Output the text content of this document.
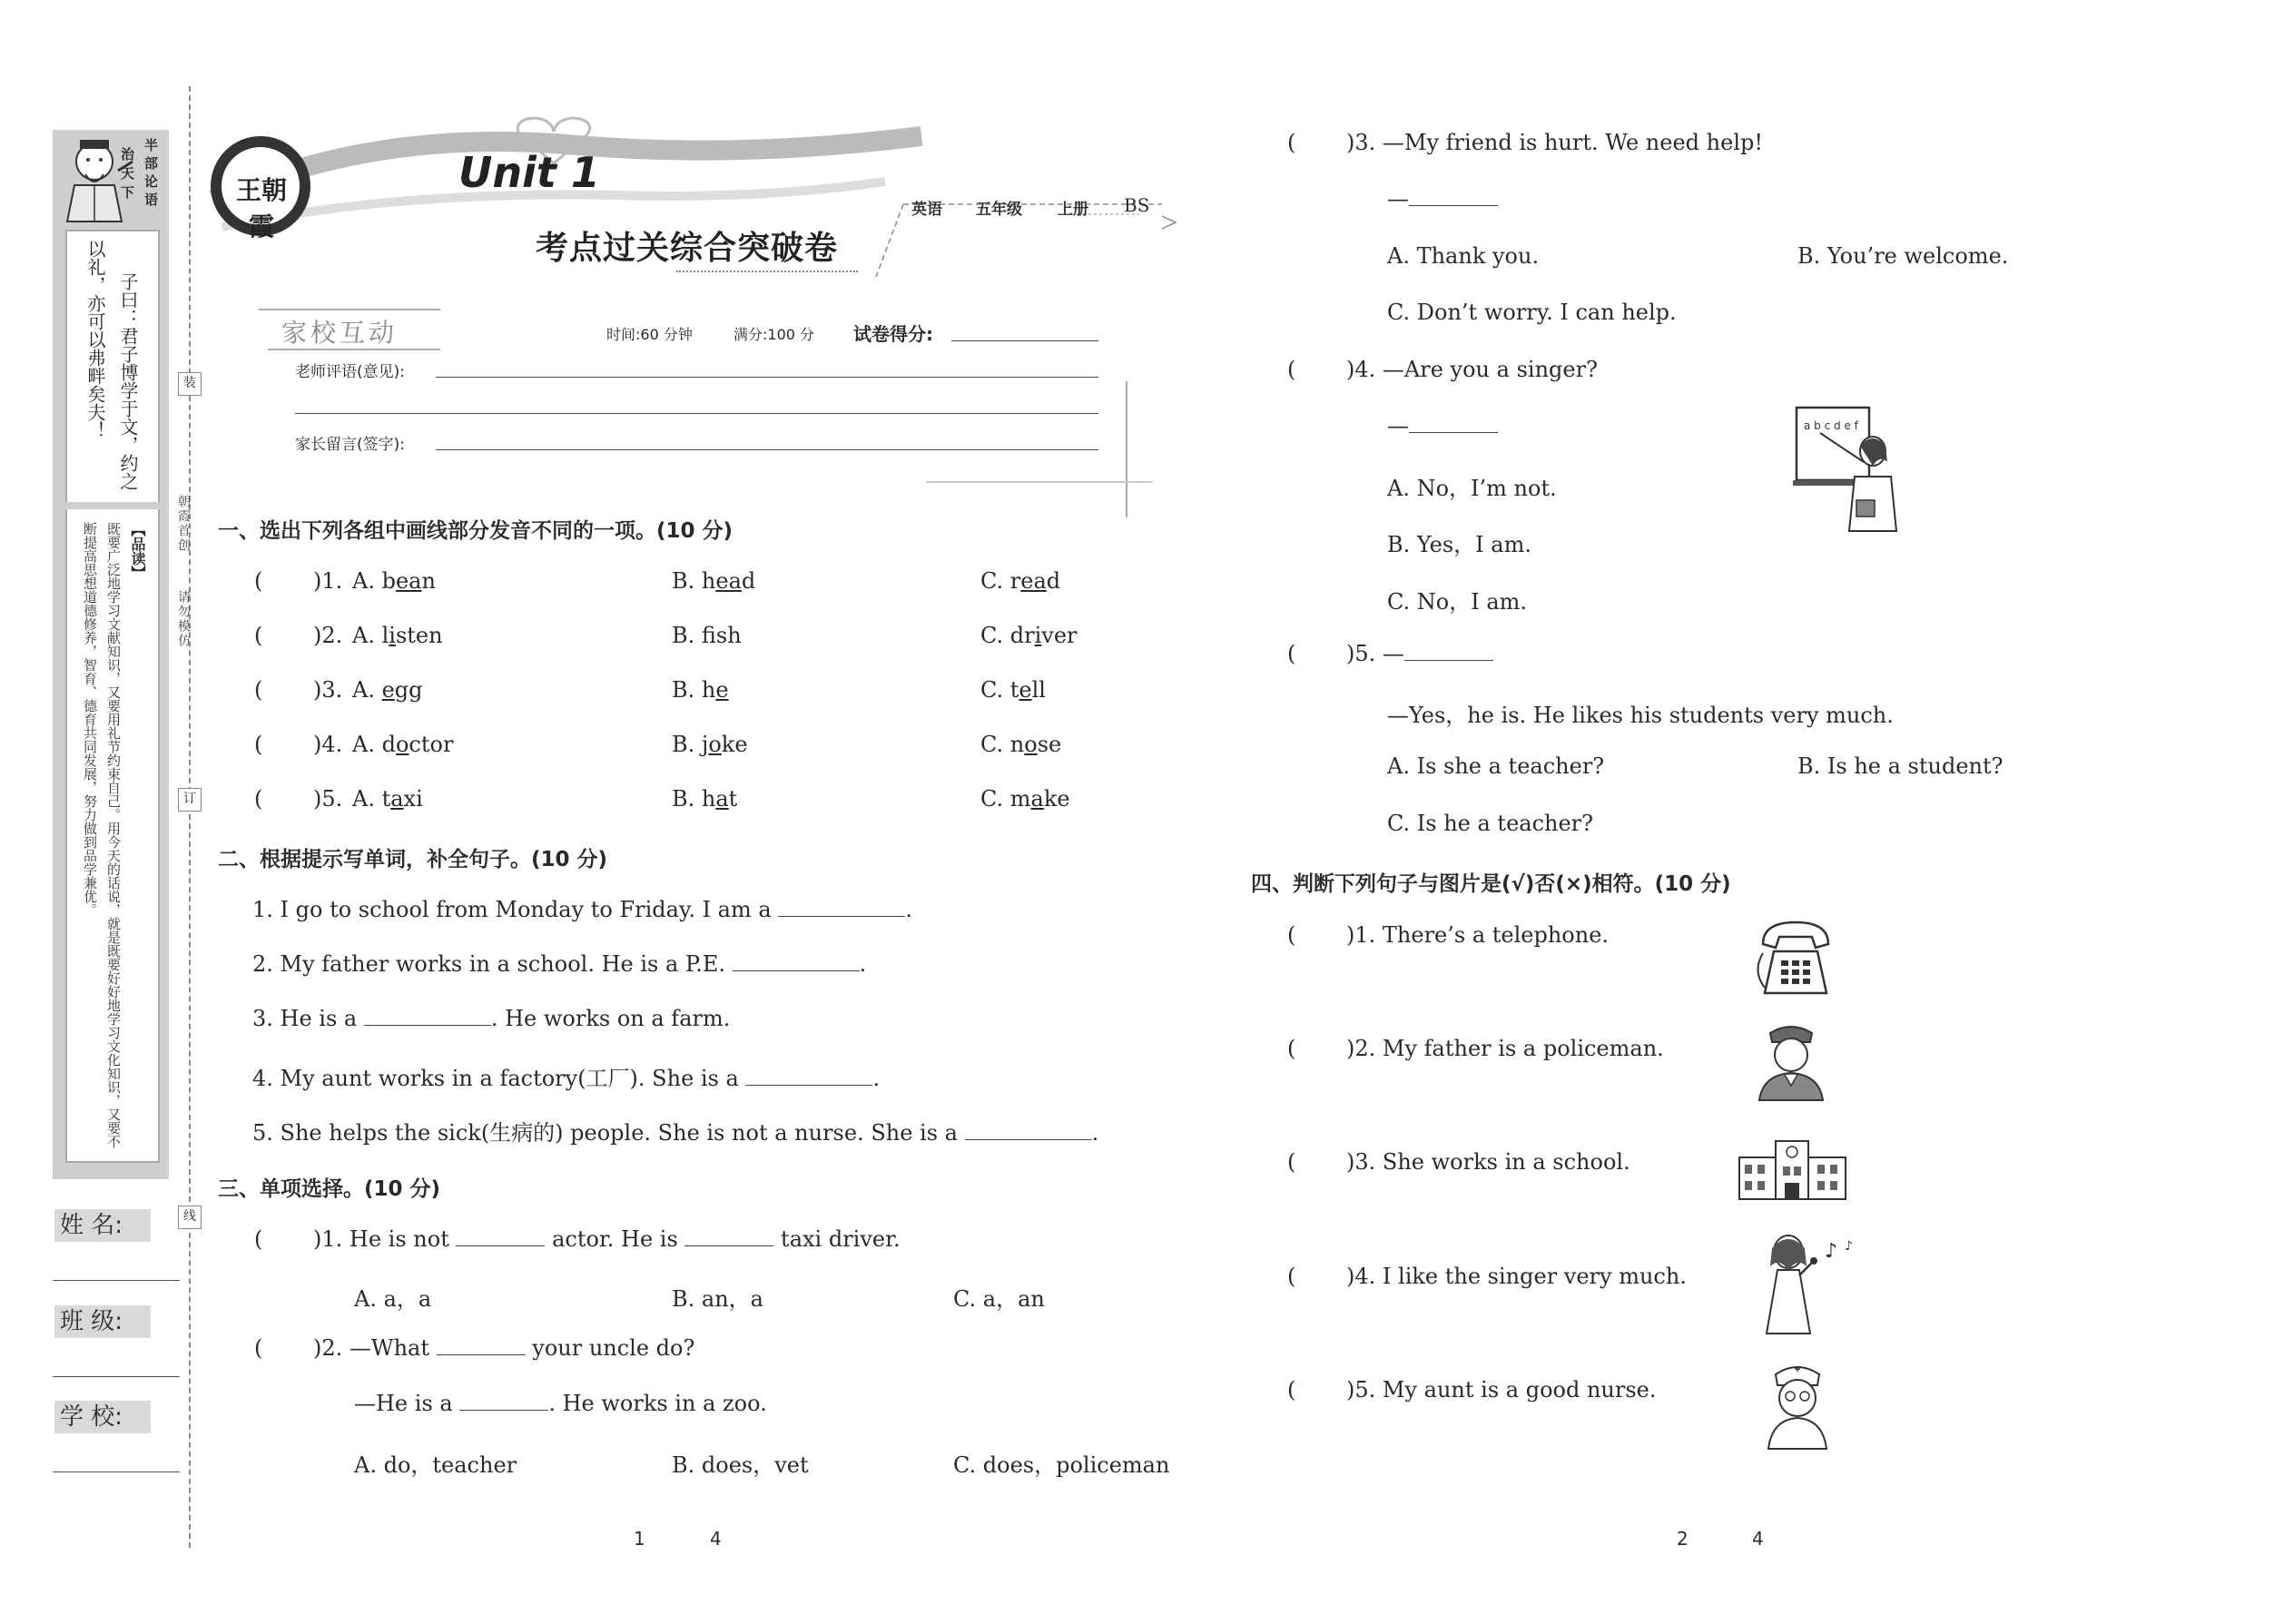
治天下 半部论语
子曰：君子博学于文，约之
以礼，亦可以弗畔矣夫！
【品读】
既要广泛地学习文献知识，又要用礼节约束自己。用今天的话说，就是既要好好地学习文化知识，又要不断提高思想道德修养，智育、德育共同发展，努力做到品学兼优。
装
订
线
朝霞首创
请勿模仿
姓 名:
班 级:
学 校:
王朝霞
Unit 1
考点过关综合突破卷
英语 五年级 上册 BS
家校互动	时间:60 分钟	满分:100 分 试卷得分:
老师评语(意见):
家长留言(签字):
一、选出下列各组中画线部分发音不同的一项。(10 分)
( )1. A. bean	B. head	C. read
( )2. A. listen	B. fsh	C. driver
( )3. A. egg	B. he	C. tell
( )4. A. doctor	B. joke	C. nose
( )5. A. taxi	B. hat	C. make
二、根据提示写单词，补全句子。(10 分)
1. I go to school from Monday to Friday. I am a	.
2. My father works in a school. He is a P.E.	.
3. He is a	. He works on a farm.
4. My aunt works in a factory(工厂). She is a	.
5. She helps the sick(生病的) people. She is not a nurse. She is a	.
三、单项选择。(10 分)
( )1. He is not	actor. He is	taxi driver.
A. a，a	B. an，a	C. a，an
( )2. —What	your uncle do?
—He is a	. He works in a zoo.
A. do，teacher	B. does，vet	C. does，policeman
( )3. —My friend is hurt. We need help!
—
A. Thank you.	B. You’re welcome.
C. Don’t worry. I can help.
( )4. —Are you a singer?
—
A. No，I’m not.
B. Yes，I am.
C. No，I am.
a b c d e f
( )5. —
—Yes，he is. He likes his students very much.
A. Is she a teacher?	B. Is he a student?
C. Is he a teacher?
四、判断下列句子与图片是(√)否(×)相符。(10 分)
( )1. There’s a telephone.
( )2. My father is a policeman.
( )3. She works in a school.
( )4. I like the singer very much.
( )5. My aunt is a good nurse.
♪ ♪
1	4	2	4
